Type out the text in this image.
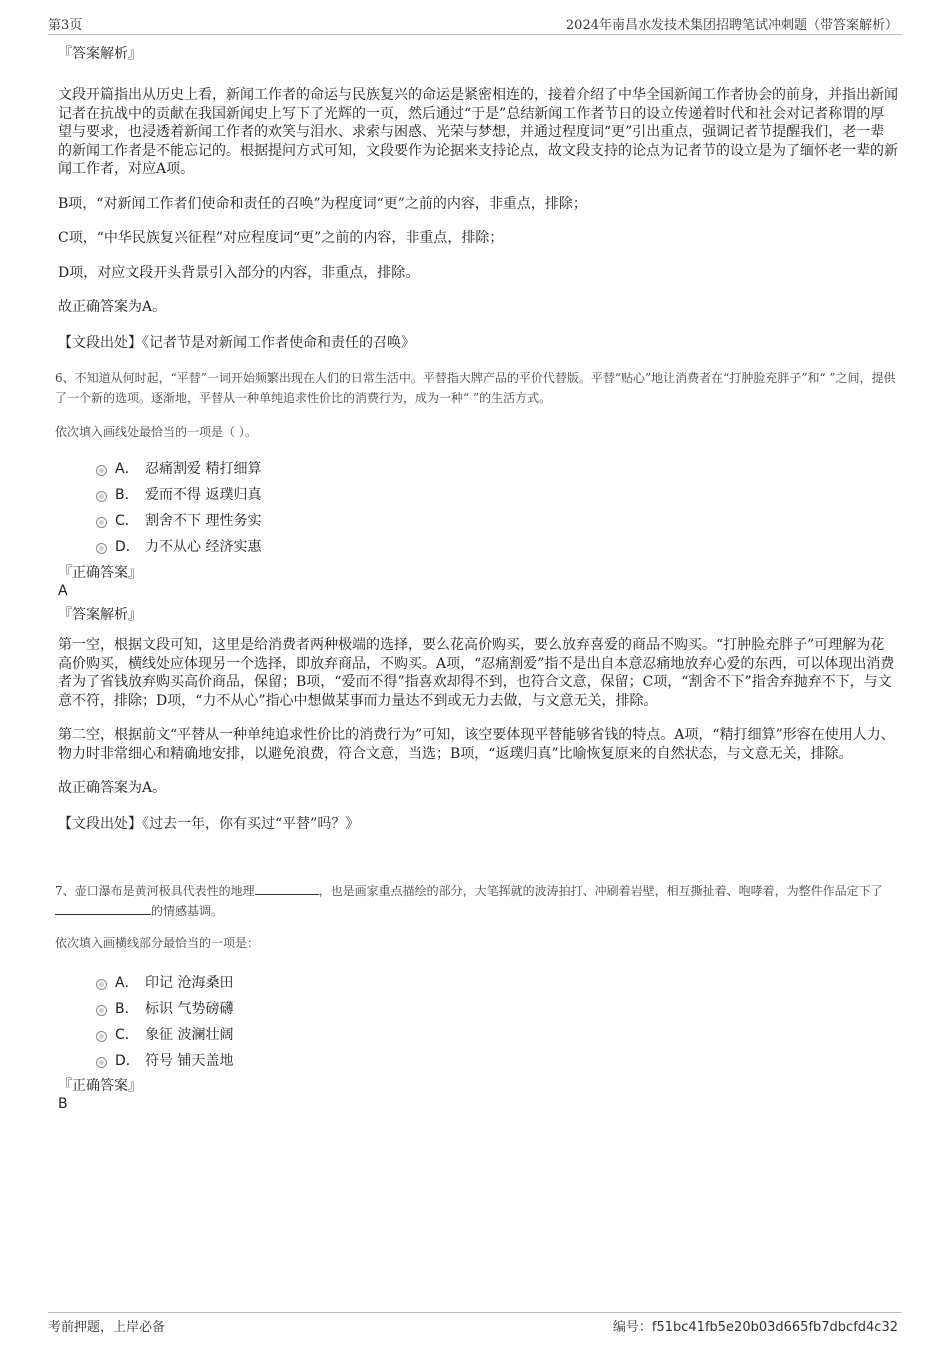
第3页	2024年南昌水发技术集团招聘笔试冲刺题（带答案解析）
『答案解析』

文段开篇指出从历史上看，新闻工作者的命运与民族复兴的命运是紧密相连的，接着介绍了中华全国新闻工作者协会的前身，并指出新闻记者在抗战中的贡献在我国新闻史上写下了光辉的一页，然后通过“于是”总结新闻工作者节日的设立传递着时代和社会对记者称谓的厚望与要求，也浸透着新闻工作者的欢笑与泪水、求索与困惑、光荣与梦想，并通过程度词“更”引出重点，强调记者节提醒我们，老一辈的新闻工作者是不能忘记的。根据提问方式可知，文段要作为论据来支持论点，故文段支持的论点为记者节的设立是为了缅怀老一辈的新闻工作者，对应A项。

B项，“对新闻工作者们使命和责任的召唤”为程度词“更”之前的内容，非重点，排除；

C项，“中华民族复兴征程”对应程度词“更”之前的内容，非重点，排除；

D项，对应文段开头背景引入部分的内容，非重点，排除。

故正确答案为A。

【文段出处】《记者节是对新闻工作者使命和责任的召唤》
6、不知道从何时起，“平替”一词开始频繁出现在人们的日常生活中。平替指大牌产品的平价代替版。平替“贴心”地让消费者在“打肿脸充胖子”和“ ”之间，提供了一个新的选项。逐渐地，平替从一种单纯追求性价比的消费行为，成为一种“ ”的生活方式。
依次填入画线处最恰当的一项是（ ）。
A． 忍痛割爱 精打细算
B． 爱而不得 返璞归真
C． 割舍不下 理性务实
D． 力不从心 经济实惠
『正确答案』
A
『答案解析』

第一空，根据文段可知，这里是给消费者两种极端的选择，要么花高价购买，要么放弃喜爱的商品不购买。“打肿脸充胖子”可理解为花高价购买，横线处应体现另一个选择，即放弃商品，不购买。A项，“忍痛割爱”指不是出自本意忍痛地放弃心爱的东西，可以体现出消费者为了省钱放弃购买高价商品，保留；B项，“爱而不得”指喜欢却得不到，也符合文意，保留；C项，“割舍不下”指舍弃抛弃不下，与文意不符，排除；D项，“力不从心”指心中想做某事而力量达不到或无力去做，与文意无关，排除。

第二空，根据前文“平替从一种单纯追求性价比的消费行为”可知，该空要体现平替能够省钱的特点。A项，“精打细算”形容在使用人力、物力时非常细心和精确地安排，以避免浪费，符合文意，当选；B项，“返璞归真”比喻恢复原来的自然状态，与文意无关，排除。

故正确答案为A。

【文段出处】《过去一年，你有买过“平替”吗？》
7、壶口瀑布是黄河极具代表性的地理	，也是画家重点描绘的部分，大笔挥就的波涛拍打、冲刷着岩壁，相互撕扯着、咆哮着，为整件作品定下了的情感基调。
依次填入画横线部分最恰当的一项是：
A． 印记 沧海桑田
B． 标识 气势磅礴
C． 象征 波澜壮阔
D． 符号 铺天盖地
『正确答案』
B
考前押题，上岸必备	编号：f51bc41fb5e20b03d665fb7dbcfd4c32
